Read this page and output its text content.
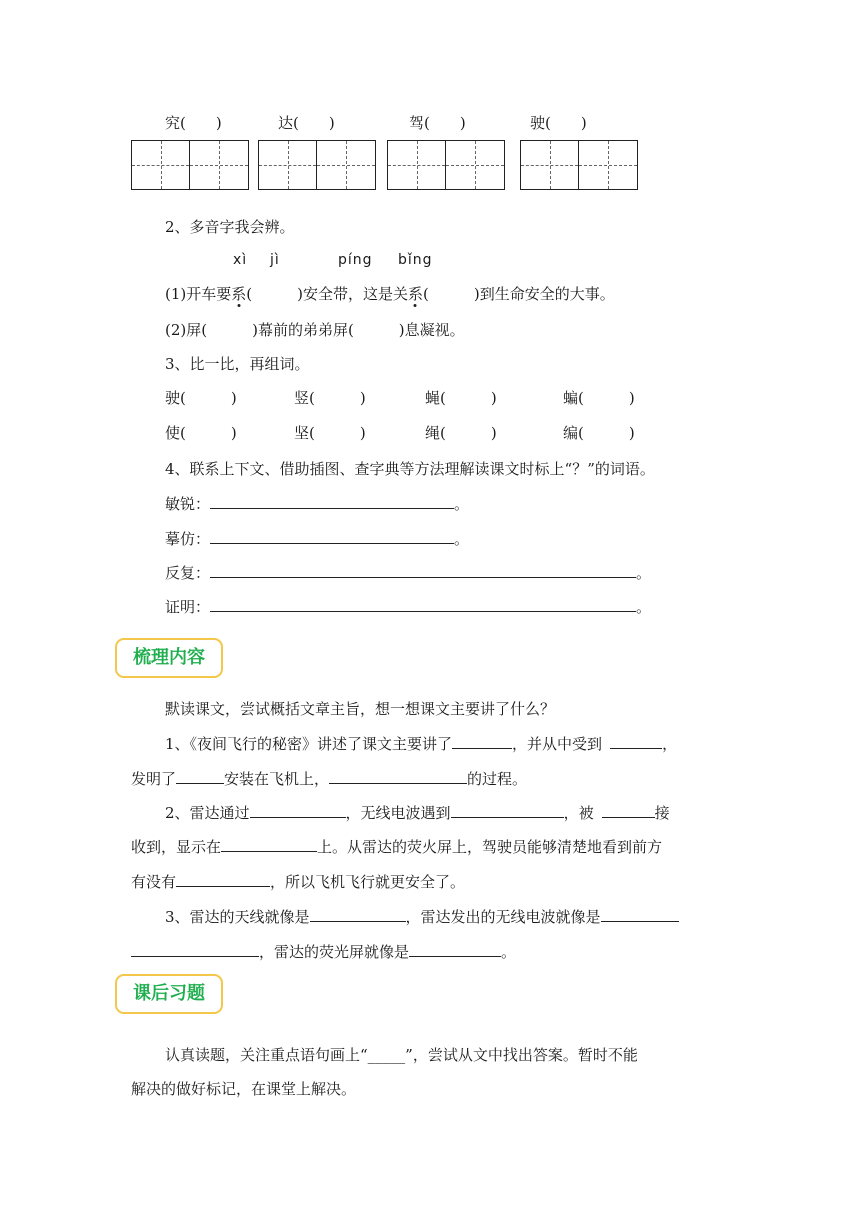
究(　　)	达(　　)	驾(　　)	驶(　　)
2、多音字我会辨。
xì jì	píng bǐng
(1)开车要系(　　　)安全带，这是关系(　　　)到生命安全的大事。
(2)屏(　　　)幕前的弟弟屏(　　　)息凝视。
3、比一比，再组词。
驶(　　　)	竖(　　　)	蝇(　　　)	蝙(　　　)
使(　　　)	坚(　　　)	绳(　　　)	编(　　　)
4、联系上下文、借助插图、查字典等方法理解读课文时标上“？”的词语。
敏锐：	。
摹仿：	。
反复：	。
证明：	。
梳理内容
默读课文，尝试概括文章主旨，想一想课文主要讲了什么？
1、《夜间飞行的秘密》讲述了课文主要讲了	，并从中受到	，
发明了	安装在飞机上，	的过程。
2、雷达通过	，无线电波遇到	，被	接
收到，显示在	上。从雷达的荧火屏上，驾驶员能够清楚地看到前方
有没有	，所以飞机飞行就更安全了。
3、雷达的天线就像是	，雷达发出的无线电波就像是
，雷达的荧光屏就像是	。
课后习题
认真读题，关注重点语句画上“_____”，尝试从文中找出答案。暂时不能
解决的做好标记，在课堂上解决。
